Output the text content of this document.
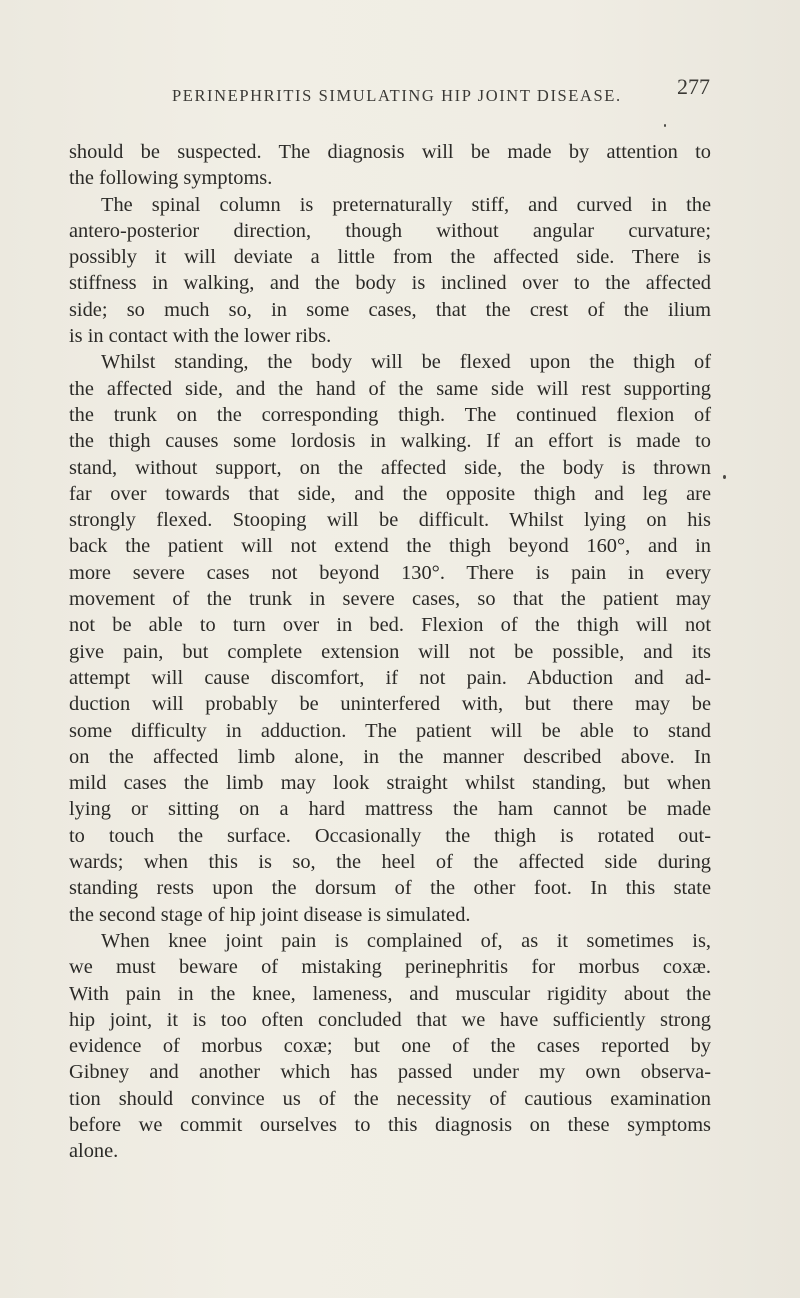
PERINEPHRITIS SIMULATING HIP JOINT DISEASE.	277
should be suspected. The diagnosis will be made by attention to
the following symptoms.
The spinal column is preternaturally stiff, and curved in the
antero-posterior direction, though without angular curvature;
possibly it will deviate a little from the affected side. There is
stiffness in walking, and the body is inclined over to the affected
side; so much so, in some cases, that the crest of the ilium
is in contact with the lower ribs.
Whilst standing, the body will be flexed upon the thigh of
the affected side, and the hand of the same side will rest supporting
the trunk on the corresponding thigh. The continued flexion of
the thigh causes some lordosis in walking. If an effort is made to
stand, without support, on the affected side, the body is thrown
far over towards that side, and the opposite thigh and leg are
strongly flexed. Stooping will be difficult. Whilst lying on his
back the patient will not extend the thigh beyond 160°, and in
more severe cases not beyond 130°. There is pain in every
movement of the trunk in severe cases, so that the patient may
not be able to turn over in bed. Flexion of the thigh will not
give pain, but complete extension will not be possible, and its
attempt will cause discomfort, if not pain. Abduction and ad-
duction will probably be uninterfered with, but there may be
some difficulty in adduction. The patient will be able to stand
on the affected limb alone, in the manner described above. In
mild cases the limb may look straight whilst standing, but when
lying or sitting on a hard mattress the ham cannot be made
to touch the surface. Occasionally the thigh is rotated out-
wards; when this is so, the heel of the affected side during
standing rests upon the dorsum of the other foot. In this state
the second stage of hip joint disease is simulated.
When knee joint pain is complained of, as it sometimes is,
we must beware of mistaking perinephritis for morbus coxæ.
With pain in the knee, lameness, and muscular rigidity about the
hip joint, it is too often concluded that we have sufficiently strong
evidence of morbus coxæ; but one of the cases reported by
Gibney and another which has passed under my own observa-
tion should convince us of the necessity of cautious examination
before we commit ourselves to this diagnosis on these symptoms
alone.
